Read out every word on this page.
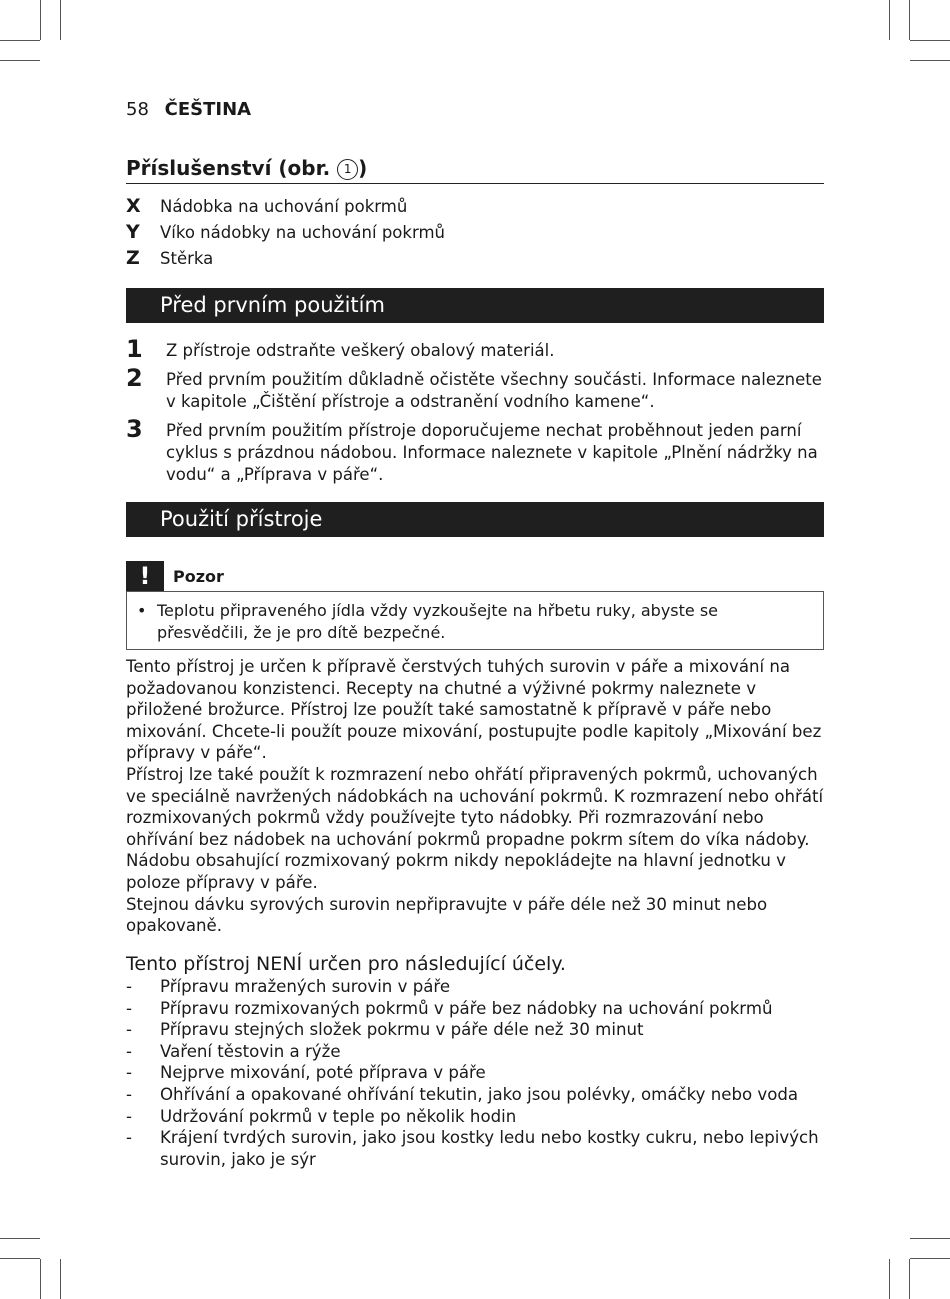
58 ČEŠTINA
Příslušenství (obr. 1 )
X	Nádobka na uchování pokrmů
Y	Víko nádobky na uchování pokrmů
Z	Stěrka
Před prvním použitím
1	Z přístroje odstraňte veškerý obalový materiál.
2	Před prvním použitím důkladně očistěte všechny součásti. Informace naleznete v kapitole „Čištění přístroje a odstranění vodního kamene“.
3	Před prvním použitím přístroje doporučujeme nechat proběhnout jeden parní cyklus s prázdnou nádobou. Informace naleznete v kapitole „Plnění nádržky na vodu“ a „Příprava v páře“.
Použití přístroje
!	Pozor
• Teplotu připraveného jídla vždy vyzkoušejte na hřbetu ruky, abyste se přesvědčili, že je pro dítě bezpečné.

Tento přístroj je určen k přípravě čerstvých tuhých surovin v páře a mixování na požadovanou konzistenci. Recepty na chutné a výživné pokrmy naleznete v přiložené brožurce. Přístroj lze použít také samostatně k přípravě v páře nebo mixování. Chcete-li použít pouze mixování, postupujte podle kapitoly „Mixování bez přípravy v páře“.

Přístroj lze také použít k rozmrazení nebo ohřátí připravených pokrmů, uchovaných ve speciálně navržených nádobkách na uchování pokrmů. K rozmrazení nebo ohřátí rozmixovaných pokrmů vždy používejte tyto nádobky. Při rozmrazování nebo ohřívání bez nádobek na uchování pokrmů propadne pokrm sítem do víka nádoby.

Nádobu obsahující rozmixovaný pokrm nikdy nepokládejte na hlavní jednotku v poloze přípravy v páře.

Stejnou dávku syrových surovin nepřipravujte v páře déle než 30 minut nebo opakovaně.

Tento přístroj NENÍ určen pro následující účely.
-	Přípravu mražených surovin v páře
-	Přípravu rozmixovaných pokrmů v páře bez nádobky na uchování pokrmů
-	Přípravu stejných složek pokrmu v páře déle než 30 minut
-	Vaření těstovin a rýže
-	Nejprve mixování, poté příprava v páře
-	Ohřívání a opakované ohřívání tekutin, jako jsou polévky, omáčky nebo voda
-	Udržování pokrmů v teple po několik hodin
-	Krájení tvrdých surovin, jako jsou kostky ledu nebo kostky cukru, nebo lepivých surovin, jako je sýr
